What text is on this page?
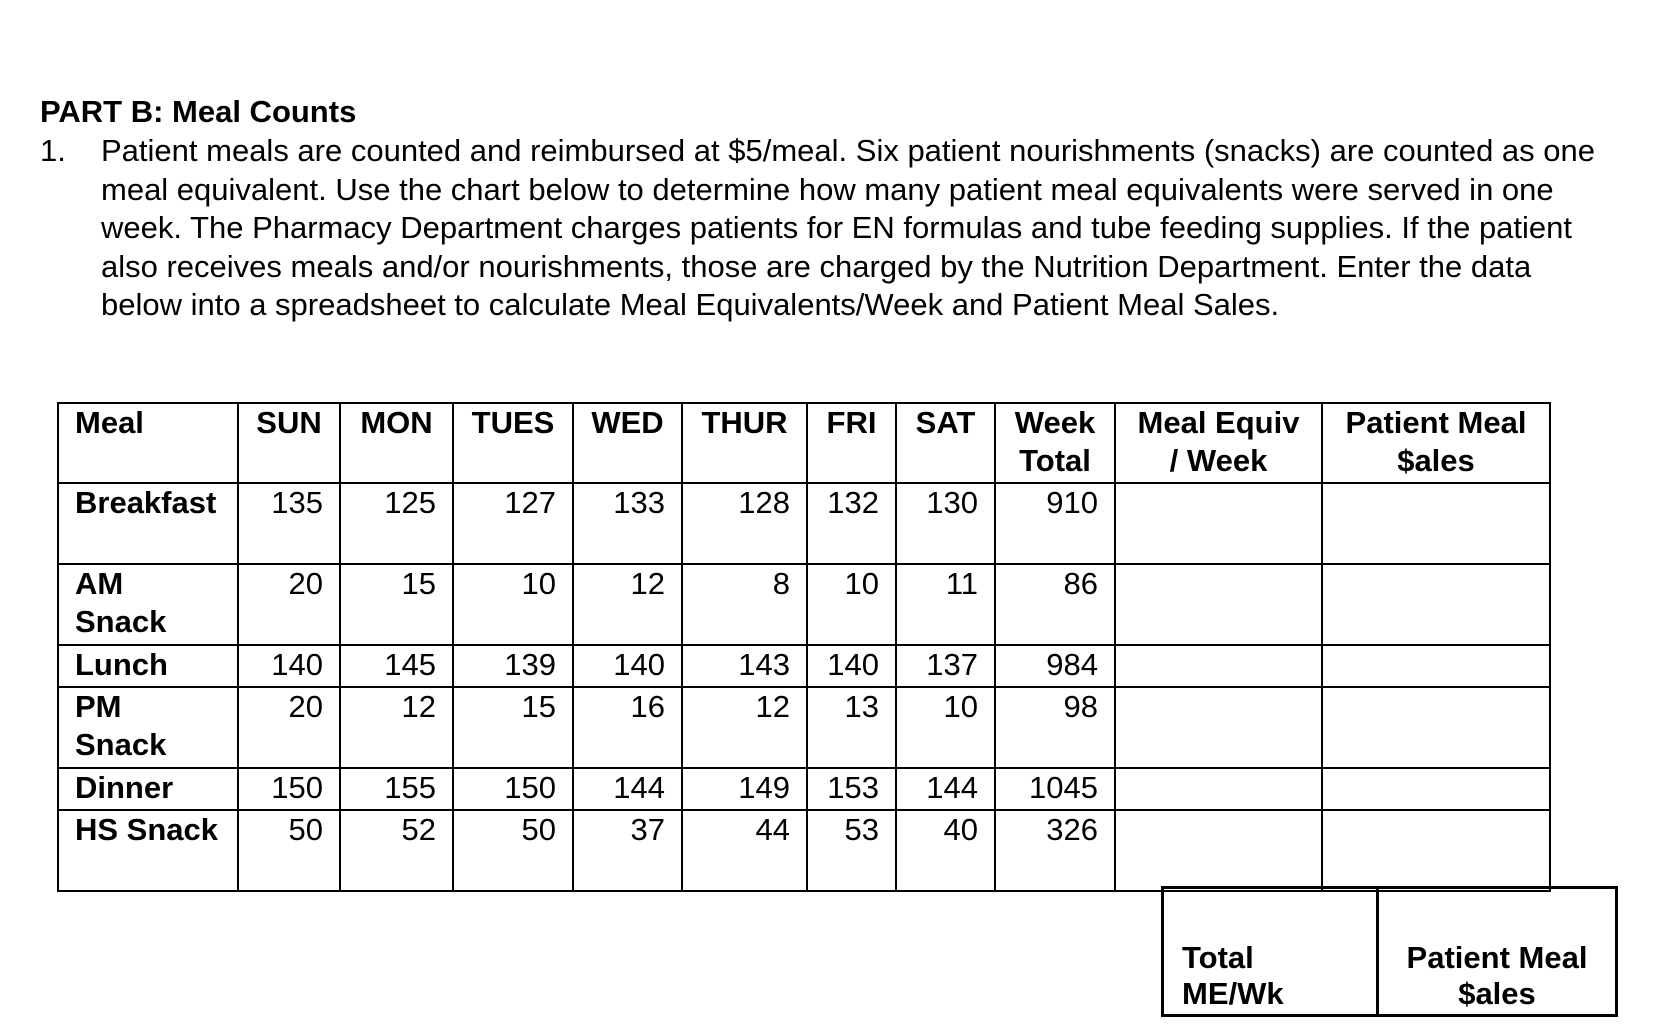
PART B: Meal Counts
1. Patient meals are counted and reimbursed at $5/meal. Six patient nourishments (snacks) are counted as one meal equivalent. Use the chart below to determine how many patient meal equivalents were served in one week. The Pharmacy Department charges patients for EN formulas and tube feeding supplies. If the patient also receives meals and/or nourishments, those are charged by the Nutrition Department. Enter the data below into a spreadsheet to calculate Meal Equivalents/Week and Patient Meal Sales.
Meal	SUN	MON	TUES	WED	THUR	FRI	SAT	Week Total	Meal Equiv / Week	Patient Meal $ales
Breakfast	135	125	127	133	128	132	130	910		
AM Snack	20	15	10	12	8	10	11	86		
Lunch	140	145	139	140	143	140	137	984		
PM Snack	20	12	15	16	12	13	10	98		
Dinner	150	155	150	144	149	153	144	1045		
HS Snack	50	52	50	37	44	53	40	326		
Total ME/Wk	Patient Meal $ales
